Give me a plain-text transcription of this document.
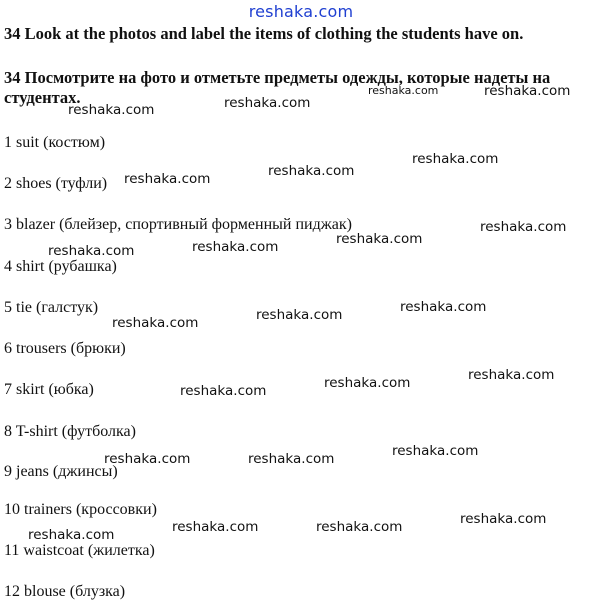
reshaka.com
34 Look at the photos and label the items of clothing the students have on.
34 Посмотрите на фото и отметьте предметы одежды, которые надеты на студентах.
1 suit (костюм)
2 shoes (туфли)
3 blazer (блейзер, спортивный форменный пиджак)
4 shirt (рубашка)
5 tie (галстук)
6 trousers (брюки)
7 skirt (юбка)
8 T-shirt (футболка)
9 jeans (джинсы)
10 trainers (кроссовки)
11 waistcoat (жилетка)
12 blouse (блузка)
reshaka.com	reshaka.com
reshaka.com	reshaka.com
reshaka.com
reshaka.com
reshaka.com
reshaka.com
reshaka.com
reshaka.com
reshaka.com
reshaka.com
reshaka.com
reshaka.com
reshaka.com
reshaka.com
reshaka.com
reshaka.com
reshaka.com
reshaka.com
reshaka.com
reshaka.com
reshaka.com
reshaka.com
